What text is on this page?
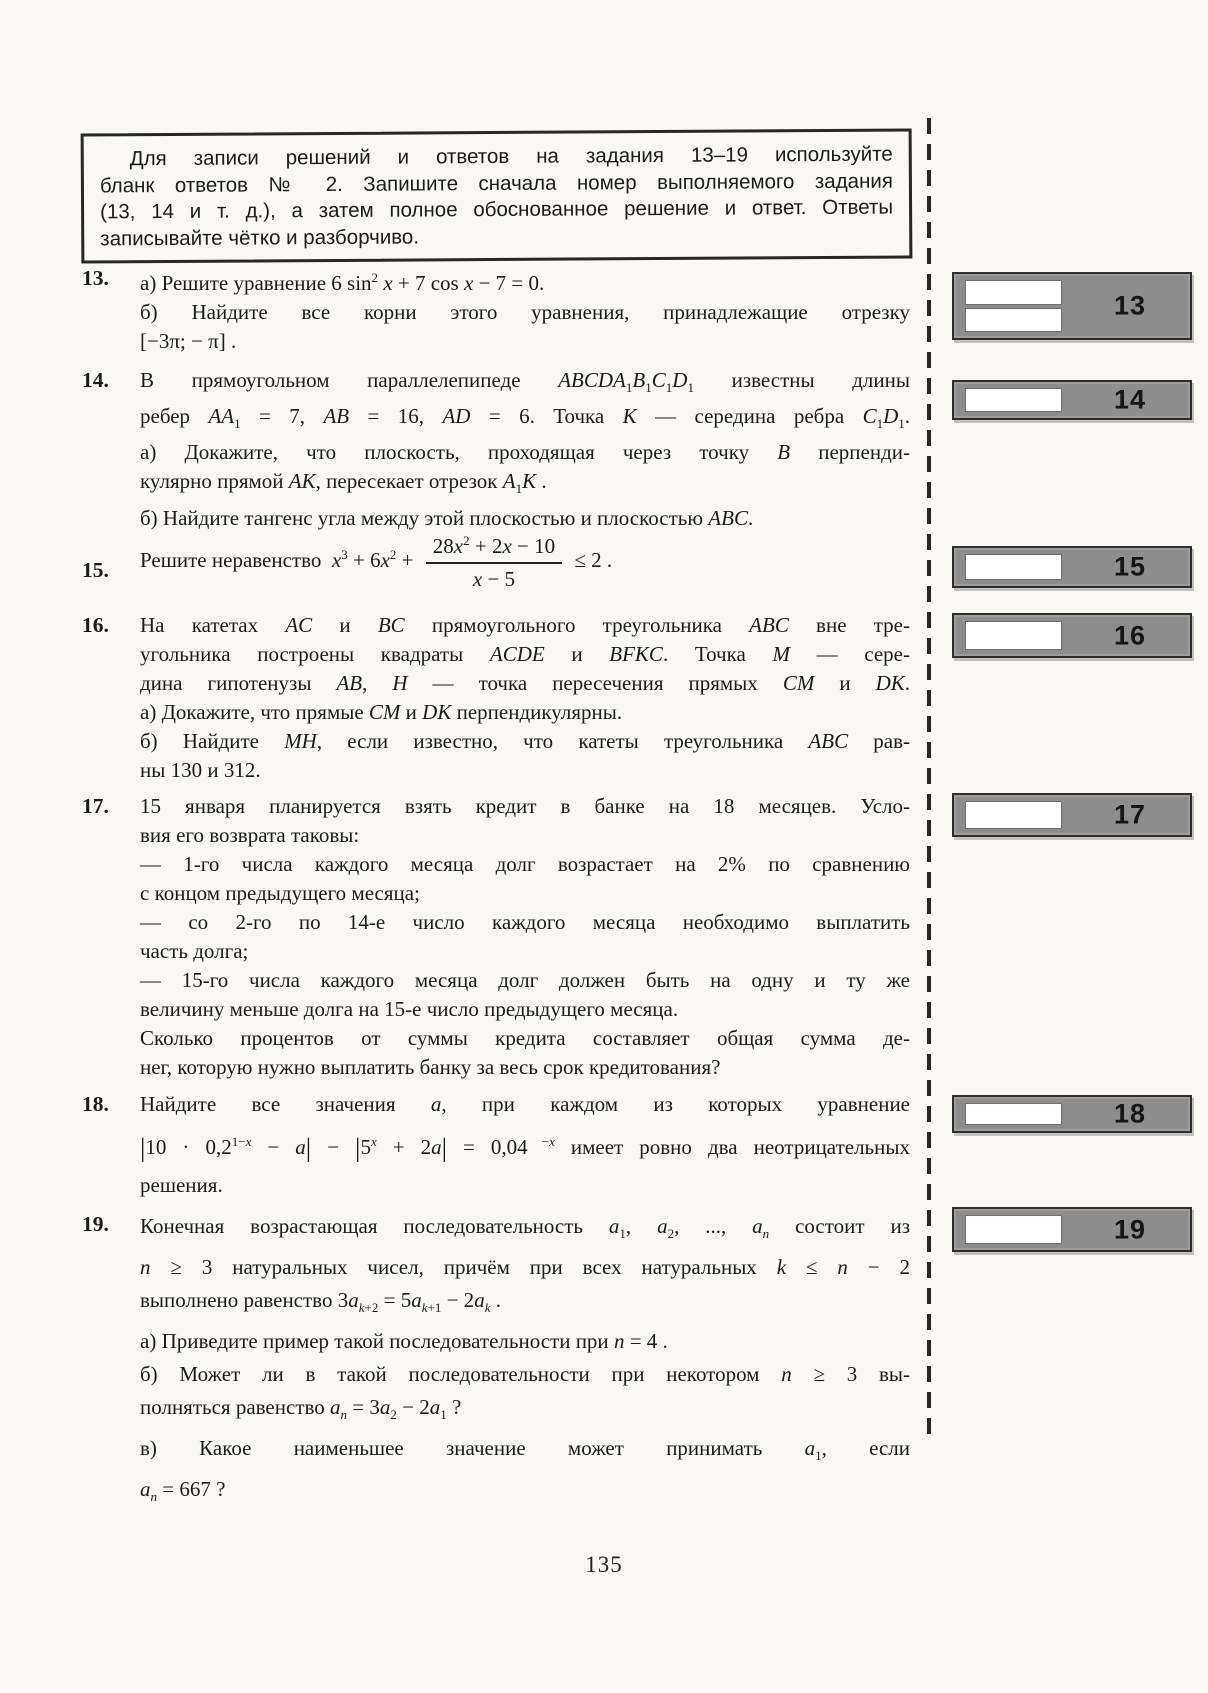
Для записи решений и ответов на задания 13–19 используйте
бланк ответов № 2. Запишите сначала номер выполняемого задания
(13, 14 и т. д.), а затем полное обоснованное решение и ответ. Ответы
записывайте чётко и разборчиво.
13.	а) Решите уравнение 6 $\sin^2 x + 7$ cos x − 7 = 0.
б) Найдите все корни этого уравнения, принадлежащие отрезку
[−3π; − π] .
14.	В прямоугольном параллелепипеде $ABCDA_1B_1C_1D_1$ известны длины
ребер $AA_1 = 7$, AB = 16, AD = 6. Точка K — середина ребра $C_1D_1$.
а) Докажите, что плоскость, проходящая через точку B перпенди-
кулярно прямой AK, пересекает отрезок $A_1K$ .
б) Найдите тангенс угла между этой плоскостью и плоскостью ABC.
15.	Решите неравенство  $x^3 + 6x^2 + \frac{28x^2 + 2x - 10}{x - 5} \le 2$ .
16.	На катетах AC и BC прямоугольного треугольника ABC вне тре-
угольника построены квадраты ACDE и BFKC. Точка M — сере-
дина гипотенузы AB, H — точка пересечения прямых CM и DK.
а) Докажите, что прямые CM и DK перпендикулярны.
б) Найдите MH, если известно, что катеты треугольника ABC рав-
ны 130 и 312.
17.	15 января планируется взять кредит в банке на 18 месяцев. Усло-
вия его возврата таковы:
— 1-го числа каждого месяца долг возрастает на 2% по сравнению
с концом предыдущего месяца;
— со 2-го по 14-е число каждого месяца необходимо выплатить
часть долга;
— 15-го числа каждого месяца долг должен быть на одну и ту же
величину меньше долга на 15-е число предыдущего месяца.
Сколько процентов от суммы кредита составляет общая сумма де-
нег, которую нужно выплатить банку за весь срок кредитования?
18.	Найдите все значения a, при каждом из которых уравнение
$|10 \cdot 0,2^{1-x} - a| - |5^x + 2a| = 0,04$ $^{-x}$ имеет ровно два неотрицательных
решения.
19.	Конечная возрастающая последовательность $a_1$, $a_2$, ..., $a_n$ состоит из
n ≥ 3 натуральных чисел, причём при всех натуральных k ≤ n − 2
выполнено равенство $3a_{k+2} = 5a_{k+1} - 2a_k$ .
а) Приведите пример такой последовательности при n = 4 .
б) Может ли в такой последовательности при некотором n ≥ 3 вы-
полняться равенство $a_n = 3a_2 - 2a_1$ ?
в) Какое наименьшее значение может принимать $a_1$, если
$a_n = 667$ ?
13
14
15
16
17
18
19
135
